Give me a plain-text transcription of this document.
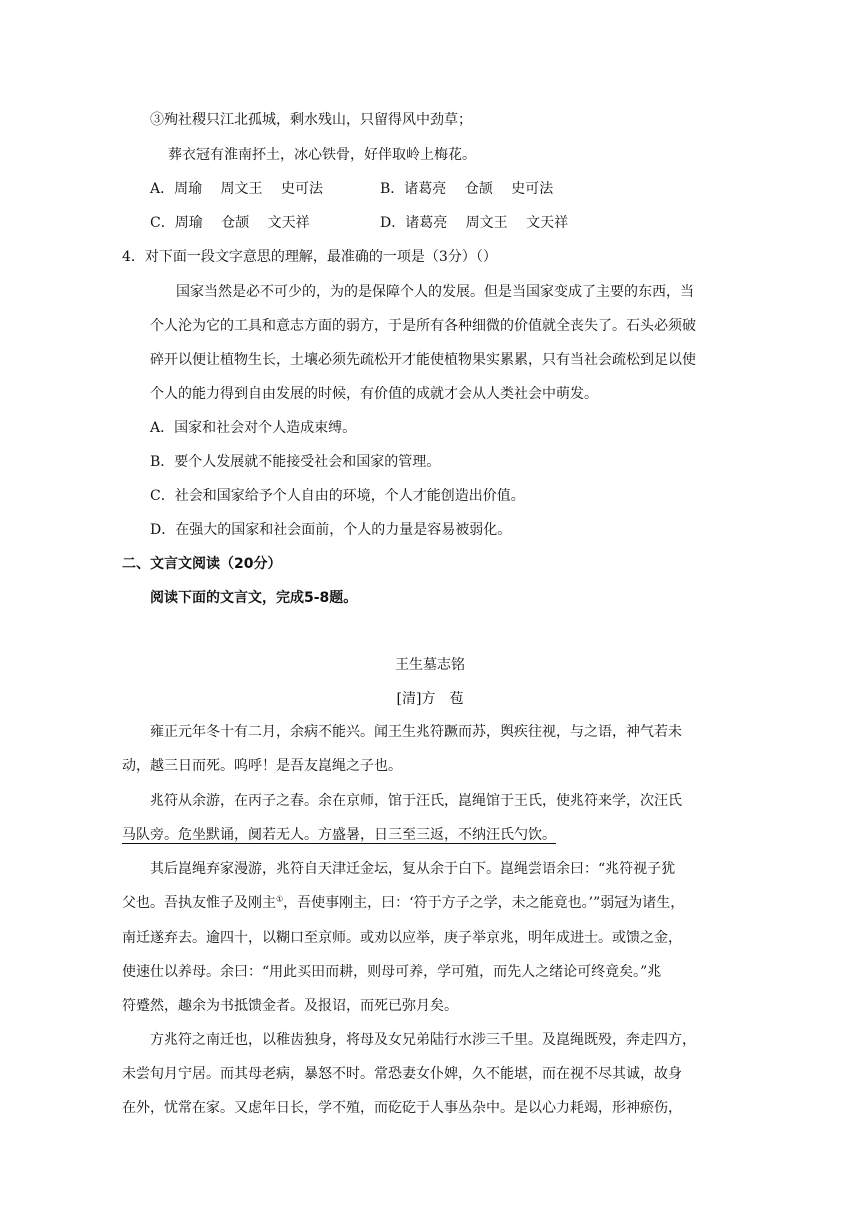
③殉社稷只江北孤城，剩水残山，只留得风中劲草；
葬衣冠有淮南抔土，冰心铁骨，好伴取岭上梅花。
A．周瑜　 周文王　 史可法	B．诸葛亮　 仓颉　 史可法
C．周瑜　 仓颉　 文天祥	D．诸葛亮　 周文王　 文天祥
4．对下面一段文字意思的理解，最准确的一项是（3分）（）
国家当然是必不可少的，为的是保障个人的发展。但是当国家变成了主要的东西，当
个人沦为它的工具和意志方面的弱方，于是所有各种细微的价值就全丧失了。石头必须破
碎开以便让植物生长，土壤必须先疏松开才能使植物果实累累，只有当社会疏松到足以使
个人的能力得到自由发展的时候，有价值的成就才会从人类社会中萌发。
A．国家和社会对个人造成束缚。
B．要个人发展就不能接受社会和国家的管理。
C．社会和国家给予个人自由的环境，个人才能创造出价值。
D．在强大的国家和社会面前，个人的力量是容易被弱化。
二、文言文阅读（20分）
阅读下面的文言文，完成5-8题。
王生墓志铭
[清]方　苞
雍正元年冬十有二月，余病不能兴。闻王生兆符蹶而苏，舆疾往视，与之语，神气若未
动，越三日而死。呜呼！是吾友崑绳之子也。
兆符从余游，在丙子之春。余在京师，馆于汪氏，崑绳馆于王氏，使兆符来学，次汪氏
马队旁。危坐默诵，阒若无人。方盛暑，日三至三返，不纳汪氏勺饮。
其后崑绳弃家漫游，兆符自天津迁金坛，复从余于白下。崑绳尝语余曰：“兆符视子犹
父也。吾执友惟子及刚主①，吾使事刚主，曰：‘符于方子之学，未之能竟也。’”弱冠为诸生，
南迁遂弃去。逾四十，以糊口至京师。或劝以应举，庚子举京兆，明年成进士。或馈之金，
使速仕以养母。余曰：“用此买田而耕，则母可养，学可殖，而先人之绪论可终竟矣。”兆
符蹙然，趣余为书抵馈金者。及报诏，而死已弥月矣。
方兆符之南迁也，以稚齿独身，将母及女兄弟陆行水涉三千里。及崑绳既殁，奔走四方，
未尝旬月宁居。而其母老病，暴怒不时。常恐妻女仆婢，久不能堪，而在视不尽其诚，故身
在外，忧常在家。又虑年日长，学不殖，而矻矻于人事丛杂中。是以心力耗竭，形神瘀伤，
